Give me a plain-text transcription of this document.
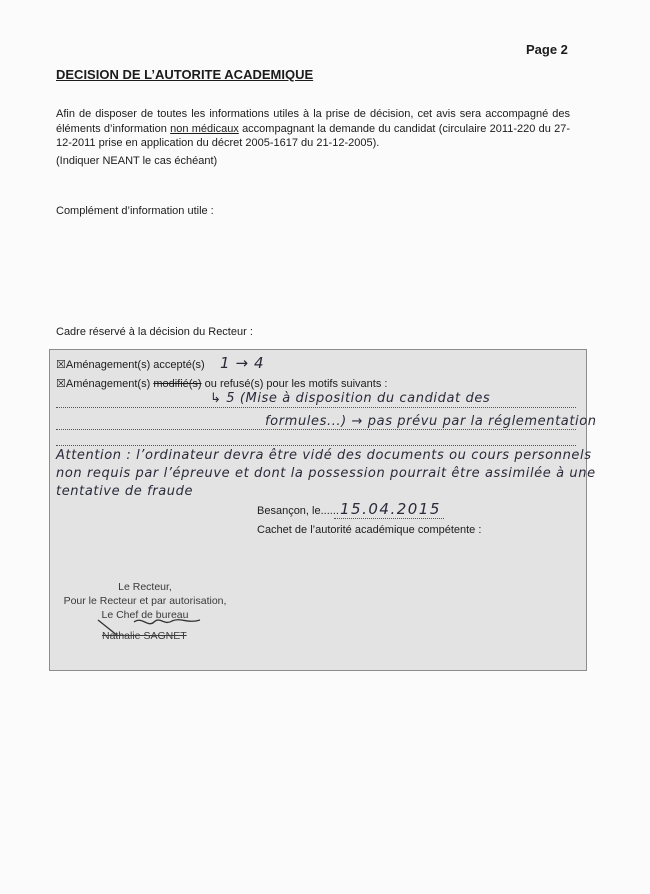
Page 2
DECISION DE L’AUTORITE ACADEMIQUE
Afin de disposer de toutes les informations utiles à la prise de décision, cet avis sera accompagné des éléments d’information non médicaux accompagnant la demande du candidat (circulaire 2011-220 du 27-12-2011 prise en application du décret 2005-1617 du 21-12-2005).
(Indiquer NEANT le cas échéant)
Complément d’information utile :
Cadre réservé à la décision du Recteur :
☒Aménagement(s) accepté(s) 1 → 4
☒Aménagement(s) modifié(s) ou refusé(s) pour les motifs suivants :
↳ 5 (Mise à disposition du candidat des
formules...) → pas prévu par la réglementation
Attention : l’ordinateur devra être vidé des documents ou cours personnels
non requis par l’épreuve et dont la possession pourrait être assimilée à une
tentative de fraude
Besançon, le...... 15.04.2015
Cachet de l’autorité académique compétente :
Le Recteur,
Pour le Recteur et par autorisation,
Le Chef de bureau
Nathalie SAGNET
